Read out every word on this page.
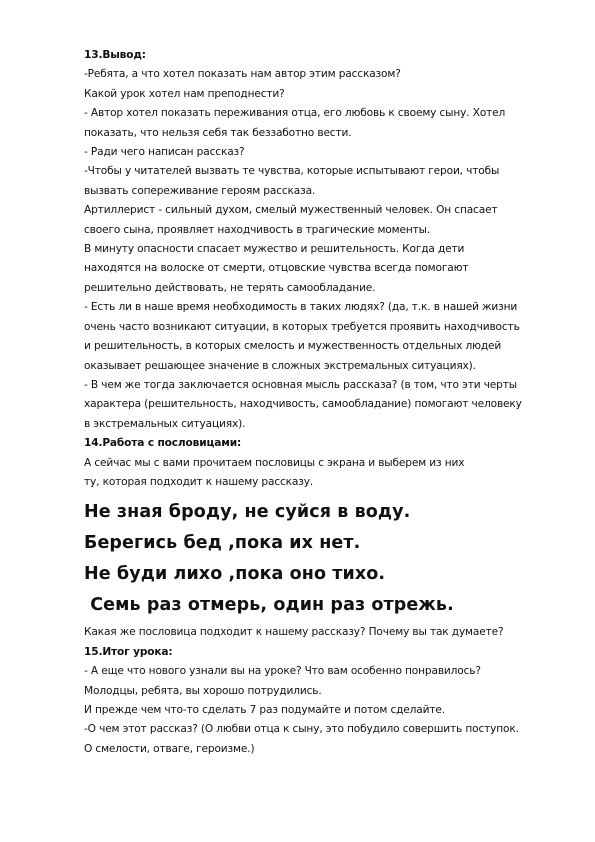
13.Вывод:
-Ребята, а что хотел показать нам автор этим рассказом?
Какой урок хотел нам преподнести?
- Автор хотел показать переживания отца, его любовь к своему сыну. Хотел
показать, что нельзя себя так беззаботно вести.
- Ради чего написан рассказ?
-Чтобы у читателей вызвать те чувства, которые испытывают герои, чтобы
вызвать сопереживание героям рассказа.
Артиллерист - сильный духом, смелый мужественный человек. Он спасает
своего сына, проявляет находчивость в трагические моменты.
В минуту опасности спасает мужество и решительность. Когда дети
находятся на волоске от смерти, отцовские чувства всегда помогают
решительно действовать, не терять самообладание.
- Есть ли в наше время необходимость в таких людях? (да, т.к. в нашей жизни
очень часто возникают ситуации, в которых требуется проявить находчивость
и решительность, в которых смелость и мужественность отдельных людей
оказывает решающее значение в сложных экстремальных ситуациях).
- В чем же тогда заключается основная мысль рассказа? (в том, что эти черты
характера (решительность, находчивость, самообладание) помогают человеку
в экстремальных ситуациях).
14.Работа с пословицами:
А сейчас мы с вами прочитаем пословицы с экрана и выберем из них
ту, которая подходит к нашему рассказу.
Не зная броду, не суйся в воду.
Берегись бед ,пока их нет.
Не буди лихо ,пока оно тихо.
Семь раз отмерь, один раз отрежь.
Какая же пословица подходит к нашему рассказу? Почему вы так думаете?
15.Итог урока:
- А еще что нового узнали вы на уроке? Что вам особенно понравилось?
Молодцы, ребята, вы хорошо потрудились.
И прежде чем что-то сделать 7 раз подумайте и потом сделайте.
-О чем этот рассказ? (О любви отца к сыну, это побудило совершить поступок.
О смелости, отваге, героизме.)
